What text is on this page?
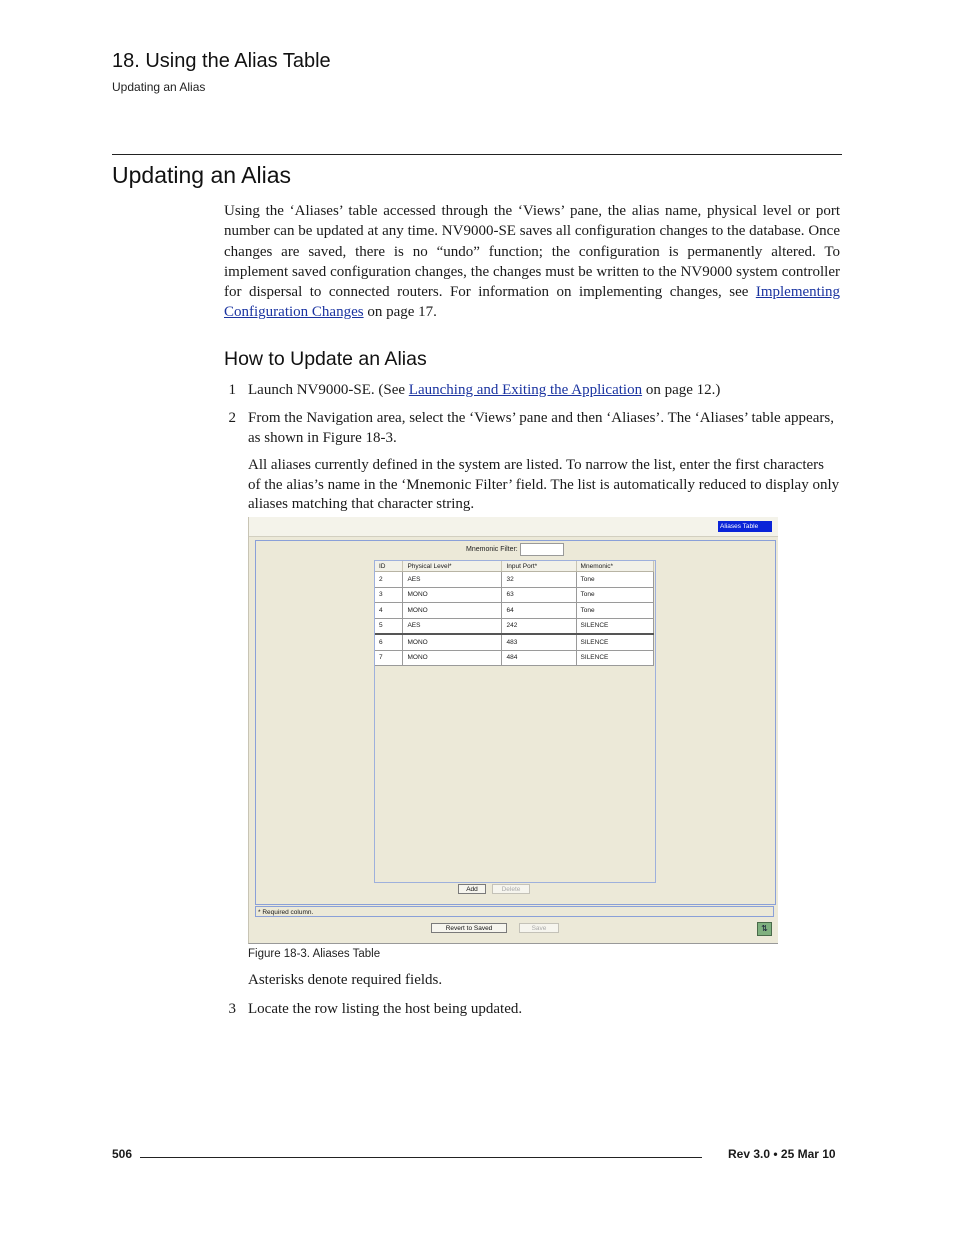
18. Using the Alias Table
Updating an Alias
Updating an Alias
Using the ‘Aliases’ table accessed through the ‘Views’ pane, the alias name, physical level or port number can be updated at any time. NV9000-SE saves all configuration changes to the database. Once changes are saved, there is no “undo” function; the configuration is permanently altered. To implement saved configuration changes, the changes must be written to the NV9000 system controller for dispersal to connected routers. For information on implementing changes, see Implementing Configuration Changes on page 17.
How to Update an Alias
1 Launch NV9000-SE. (See Launching and Exiting the Application on page 12.)
2 From the Navigation area, select the ‘Views’ pane and then ‘Aliases’. The ‘Aliases’ table appears, as shown in Figure 18-3.
All aliases currently defined in the system are listed. To narrow the list, enter the first characters of the alias’s name in the ‘Mnemonic Filter’ field. The list is automatically reduced to display only aliases matching that character string.
Aliases Table
Mnemonic Filter:
ID	Physical Level*	Input Port*	Mnemonic*
2	AES	32	Tone
3	MONO	63	Tone
4	MONO	64	Tone
5	AES	242	SILENCE
6	MONO	483	SILENCE
7	MONO	484	SILENCE
Add	Delete
* Required column.
Revert to Saved	Save	⇅
Figure 18-3. Aliases Table
Asterisks denote required fields.
3 Locate the row listing the host being updated.
506	Rev 3.0 • 25 Mar 10
